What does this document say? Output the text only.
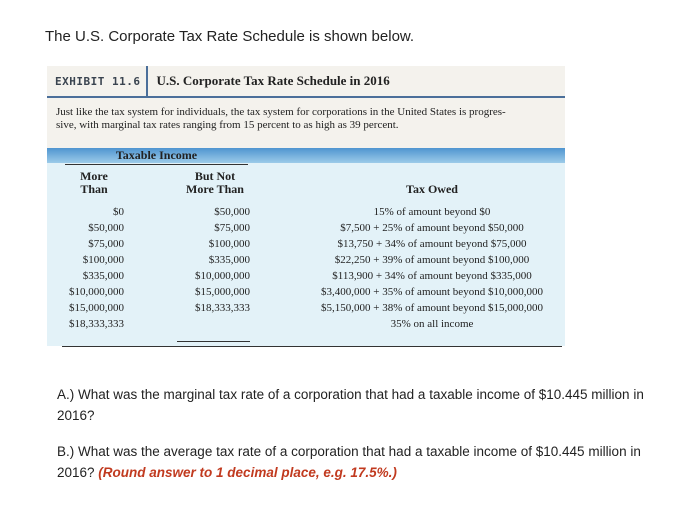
The U.S. Corporate Tax Rate Schedule is shown below.
EXHIBIT 11.6 U.S. Corporate Tax Rate Schedule in 2016
Just like the tax system for individuals, the tax system for corporations in the United States is progres-
sive, with marginal tax rates ranging from 15 percent to as high as 39 percent.
Taxable Income
More
Than
But Not
More Than	Tax Owed
$0
$50,000
$75,000
$100,000
$335,000
$10,000,000
$15,000,000
$18,333,333
$50,000
$75,000
$100,000
$335,000
$10,000,000
$15,000,000
$18,333,333
15% of amount beyond $0
$7,500 + 25% of amount beyond $50,000
$13,750 + 34% of amount beyond $75,000
$22,250 + 39% of amount beyond $100,000
$113,900 + 34% of amount beyond $335,000
$3,400,000 + 35% of amount beyond $10,000,000
$5,150,000 + 38% of amount beyond $15,000,000
35% on all income
A.) What was the marginal tax rate of a corporation that had a taxable income of $10.445 million in
2016?
B.) What was the average tax rate of a corporation that had a taxable income of $10.445 million in
2016? (Round answer to 1 decimal place, e.g. 17.5%.)
